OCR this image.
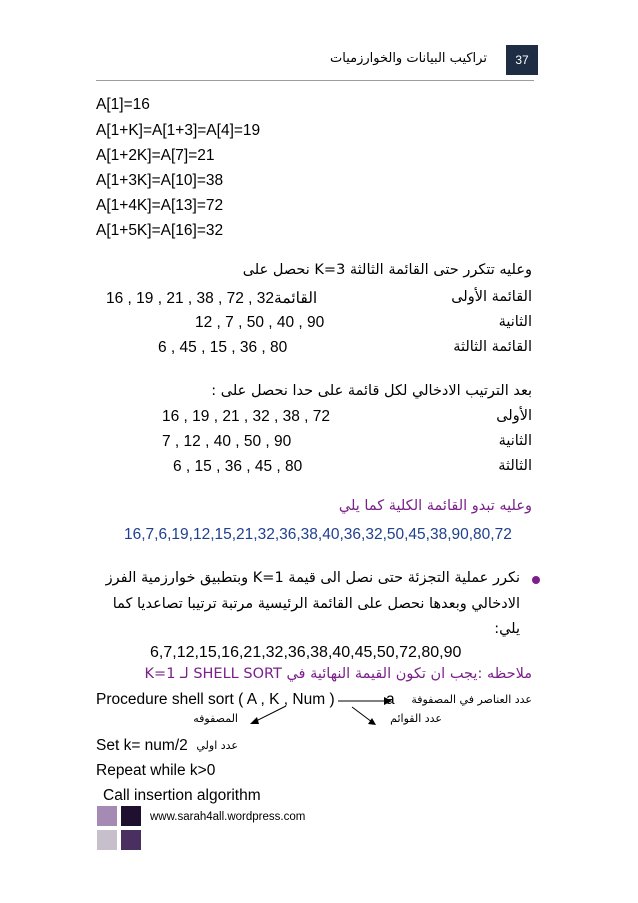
تراكيب البيانات والخوارزميات 37
A[1]=16
A[1+K]=A[1+3]=A[4]=19
A[1+2K]=A[7]=21
A[1+3K]=A[10]=38
A[1+4K]=A[13]=72
A[1+5K]=A[16]=32
وعليه تتكرر حتى القائمة الثالثة K=3 نحصل على
القائمة الأولى
16 , 19 , 21 , 38 , 72 , 32القائمة
الثانية
12 , 7 , 50 , 40 , 90
القائمة الثالثة
6 , 45 , 15 , 36 , 80
بعد الترتيب الادخالي لكل قائمة على حدا نحصل على :
الأولى
16 , 19 , 21 , 32 , 38 , 72
الثانية
7 , 12 , 40 , 50 , 90
الثالثة
6 , 15 , 36 , 45 , 80
وعليه تبدو القائمة الكلية كما يلي
16,7,6,19,12,15,21,32,36,38,40,36,32,50,45,38,90,80,72
نكرر عملية التجزئة حتى نصل الى قيمة K=1 وبتطبيق خوارزمية الفرز
الادخالي وبعدها نحصل على القائمة الرئيسية مرتبة ترتيبا تصاعديا كما
يلي:
6,7,12,15,16,21,32,36,38,40,45,50,72,80,90
ملاحظه :يجب ان تكون القيمة النهائية في SHELL SORT لـ K=1
Procedure shell sort ( A , K , Num )	a عدد العناصر في المصفوفة
المصفوفه	عدد القوائم
Set k= num/2 عدد اولي
Repeat while k>0
Call insertion algorithm
www.sarah4all.wordpress.com
